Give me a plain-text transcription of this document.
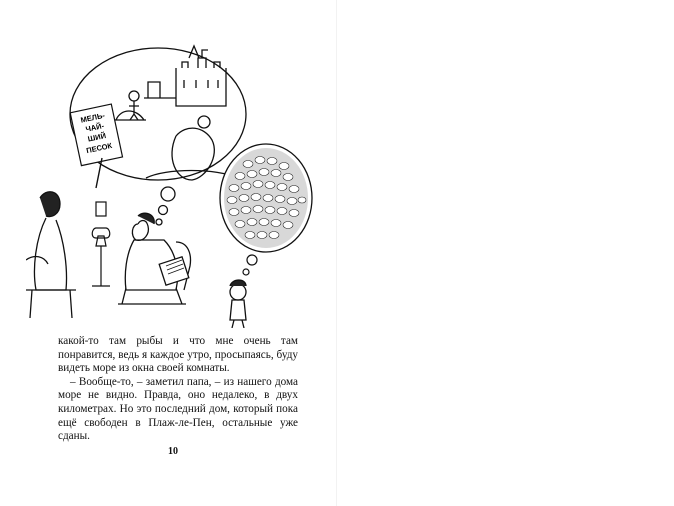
МЕЛЬ-
ЧАЙ-
ШИЙ
ПЕСОК

какой-то там рыбы и что мне очень там понравится, ведь я каждое утро, просыпаясь, буду видеть море из окна своей комнаты.

– Вообще-то, – заметил папа, – из нашего дома море не видно. Правда, оно недалеко, в двух километрах. Но это последний дом, который пока ещё свободен в Плаж-ле-Пен, остальные уже сданы.

10
